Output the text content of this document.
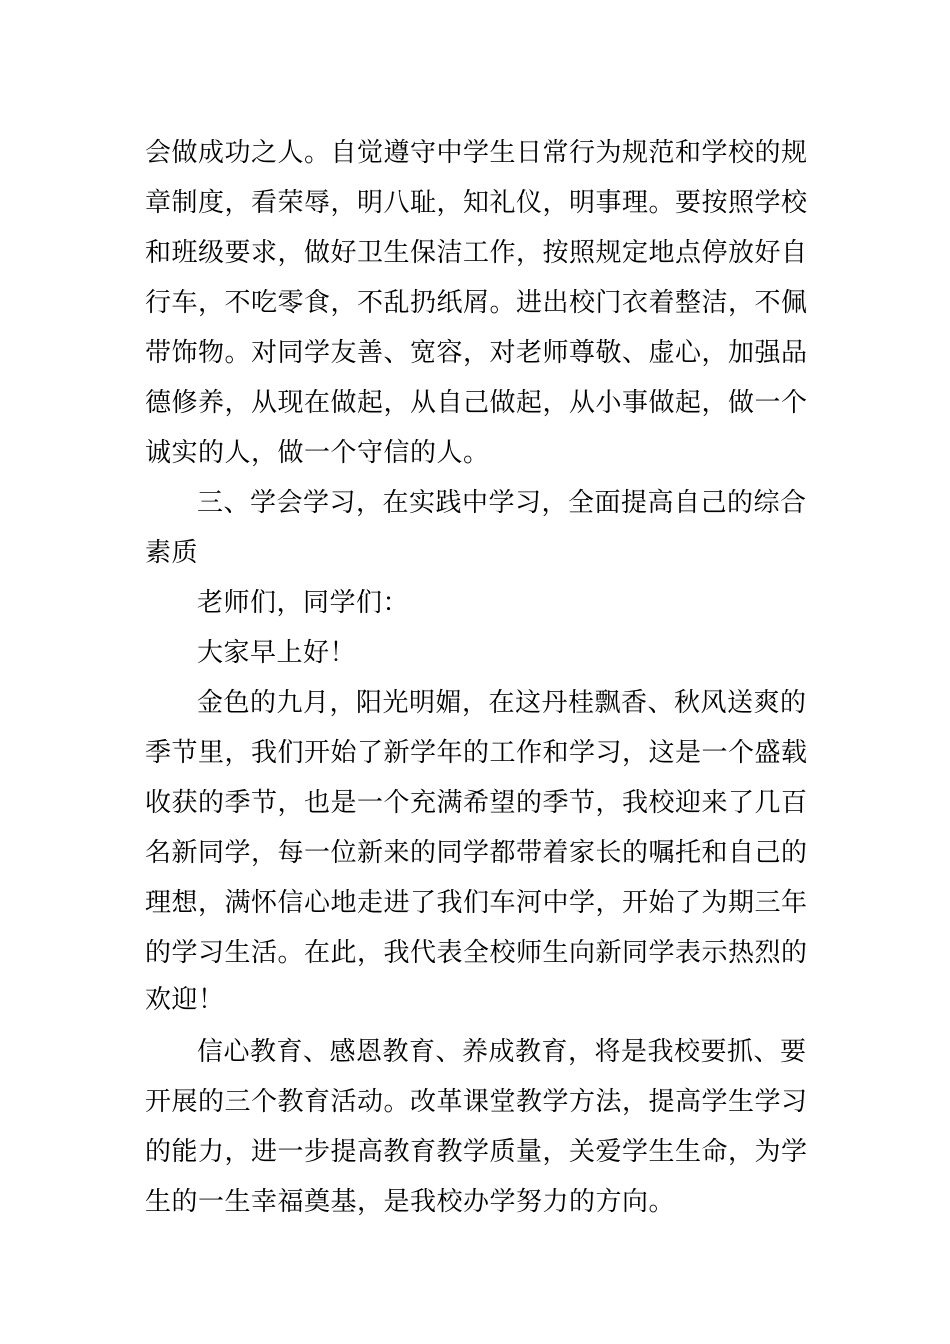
会做成功之人。自觉遵守中学生日常行为规范和学校的规
章制度，看荣辱，明八耻，知礼仪，明事理。要按照学校
和班级要求，做好卫生保洁工作，按照规定地点停放好自
行车，不吃零食，不乱扔纸屑。进出校门衣着整洁，不佩
带饰物。对同学友善、宽容，对老师尊敬、虚心，加强品
德修养，从现在做起，从自己做起，从小事做起，做一个
诚实的人，做一个守信的人。
三、学会学习，在实践中学习，全面提高自己的综合
素质
老师们，同学们：
大家早上好！
金色的九月，阳光明媚，在这丹桂飘香、秋风送爽的
季节里，我们开始了新学年的工作和学习，这是一个盛载
收获的季节，也是一个充满希望的季节，我校迎来了几百
名新同学，每一位新来的同学都带着家长的嘱托和自己的
理想，满怀信心地走进了我们车河中学，开始了为期三年
的学习生活。在此，我代表全校师生向新同学表示热烈的
欢迎！
信心教育、感恩教育、养成教育，将是我校要抓、要
开展的三个教育活动。改革课堂教学方法，提高学生学习
的能力，进一步提高教育教学质量，关爱学生生命，为学
生的一生幸福奠基，是我校办学努力的方向。
